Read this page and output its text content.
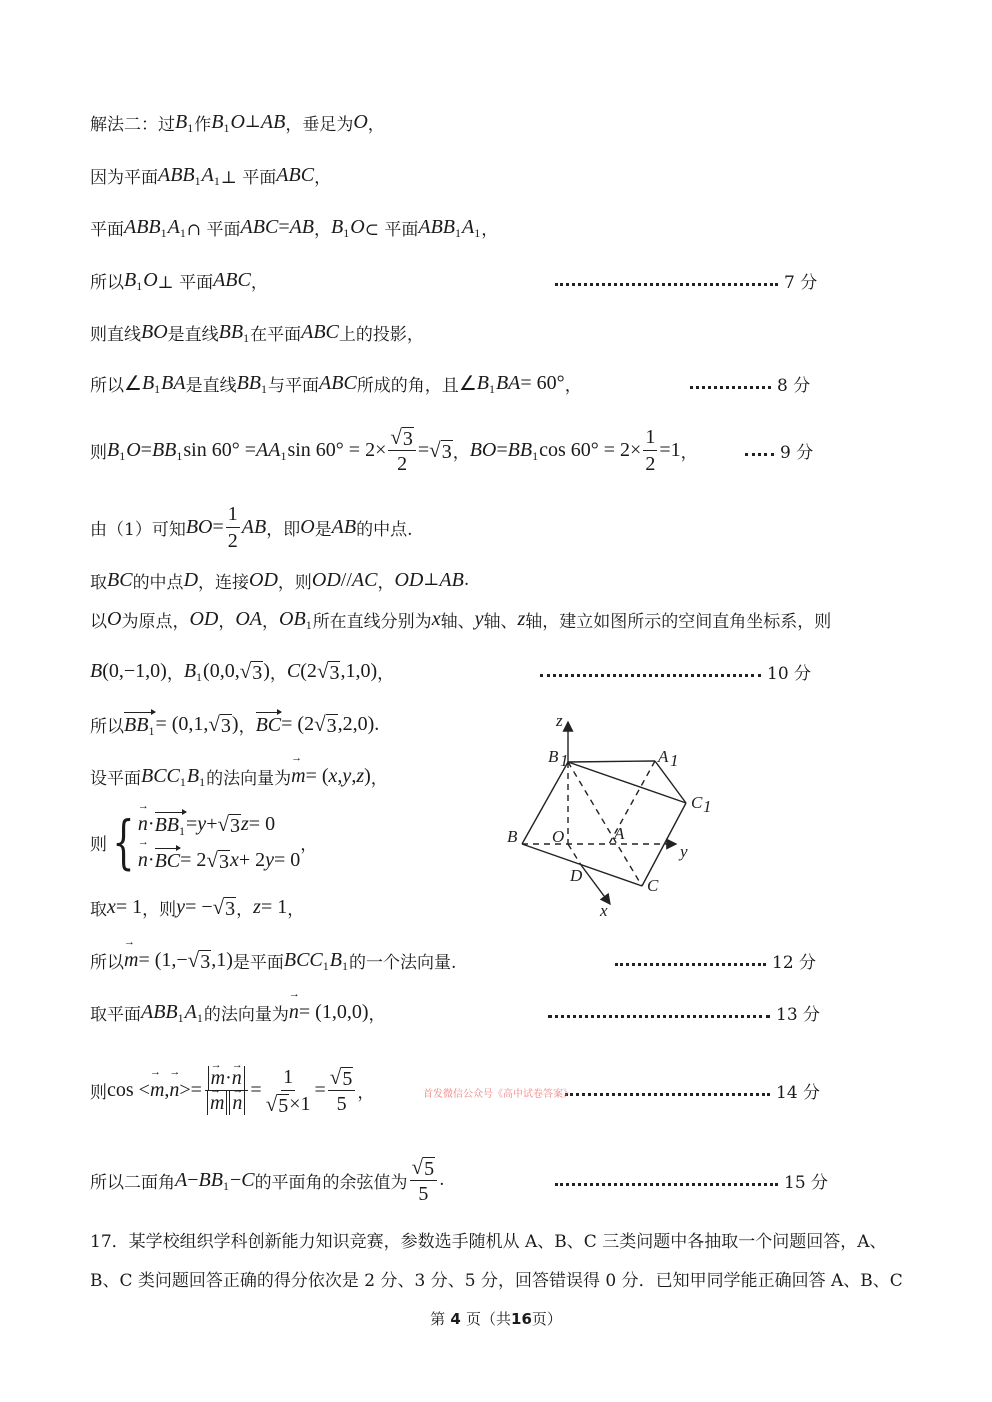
解法二：过 B 1 作 B 1 O ⊥ AB ，垂足为 O ，
因为平面 ABB 1 A 1 ⊥ 平面 ABC ，
平面 ABB 1 A 1 ∩ 平面 ABC = AB ， B 1 O ⊂ 平面 ABB 1 A 1 ，
所以 B 1 O ⊥ 平面 ABC ，	7 分
则直线 BO 是直线 BB 1 在平面 ABC 上的投影，
所以 ∠ B 1 BA 是直线 BB 1 与平面 ABC 所成的角，且 ∠ B 1 BA = 60° ，	8 分
则 B 1 O = BB 1 sin 60° = AA 1 $\sin 60^\circ = 2\times \frac{√ 3}{2}$ = √ 3 ， BO = BB 1 $\cos 60^\circ = 2\times \frac{1}{2} =1$ ，	9 分
由（1）可知 BO = $\frac{1}{2}$ AB ，即 O 是 AB 的中点.
取 BC 的中点 D ，连接 OD ，则 OD // AC ， OD ⊥ AB .
以 O 为原点， OD ， OA ， OB 1 所在直线分别为 x 轴、 y 轴、 z 轴，建立如图所示的空间直角坐标系，则
B (0,−1,0) ， B 1 (0,0, √ 3 ) ， C (2 √ 3 ,1,0) ，	10 分
所以 BB 1 = (0,1, √ 3 ) ， BC = (2 √ 3 ,2,0).
设平面 BCC 1 B 1 的法向量为 → m = ( x , y , z ) ，
则 { → n · BB 1 = y + √ 3 z = 0
→ n · BC = 2 √ 3 x + 2 y = 0
，
取 x = 1 ，则 y = − √ 3 ， z = 1 ，
所以 → m = (1,− √ 3 ,1) 是平面 BCC 1 B 1 的一个法向量.	12 分
取平面 ABB 1 A 1 的法向量为 → n = (1,0,0) ，	13 分
则 cos < → m , → n >= → m · → n
→ $m \to n = \frac{1}{√ 5 \times 1} = \frac{√ 5}{5}$ ，	14 分
所以二面角 A − BB 1 − C 的平面角的余弦值为 $\frac{√ 5}{5}$ .	15 分
17．某学校组织学科创新能力知识竞赛，参数选手随机从 A、B、C 三类问题中各抽取一个问题回答，A、
B、C 类问题回答正确的得分依次是 2 分、3 分、5 分，回答错误得 0 分．已知甲同学能正确回答 A、B、C
首发微信公众号《高中试卷答案》
z
B 1	A 1
C 1
B O	A
y
D
C
x
第 4 页（共16页）
